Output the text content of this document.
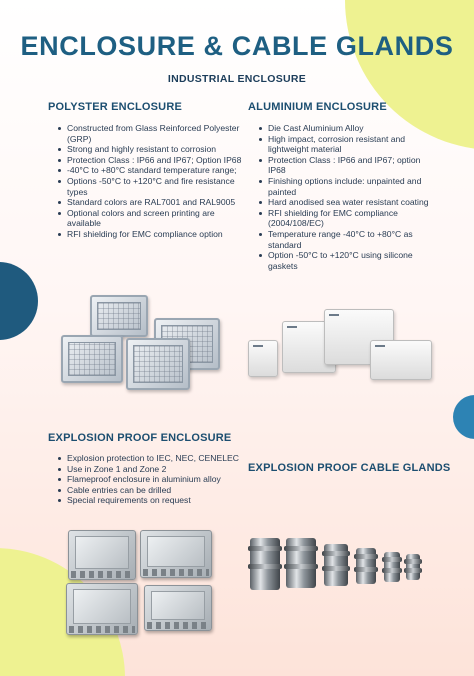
ENCLOSURE & CABLE GLANDS
INDUSTRIAL ENCLOSURE
POLYSTER ENCLOSURE
Constructed from Glass Reinforced Polyester (GRP)
Strong and highly resistant to corrosion
Protection Class : IP66 and IP67; Option IP68
-40°C to +80°C standard temperature range;
Options -50°C to +120°C and fire resistance types
Standard colors are RAL7001 and RAL9005
Optional colors and screen printing are available
RFI shielding for EMC compliance option
ALUMINIUM ENCLOSURE
Die Cast Aluminium Alloy
High impact, corrosion resistant and lightweight material
Protection Class : IP66 and IP67; option IP68
Finishing options include: unpainted and painted
Hard anodised sea water resistant coating
RFI shielding for EMC compliance (2004/108/EC)
Temperature range -40°C to +80°C as standard
Option -50°C to +120°C using silicone gaskets
EXPLOSION PROOF ENCLOSURE
Explosion protection to IEC, NEC, CENELEC
Use in Zone 1 and Zone 2
Flameproof enclosure in aluminium alloy
Cable entries can be drilled
Special requirements on request
EXPLOSION PROOF CABLE GLANDS
